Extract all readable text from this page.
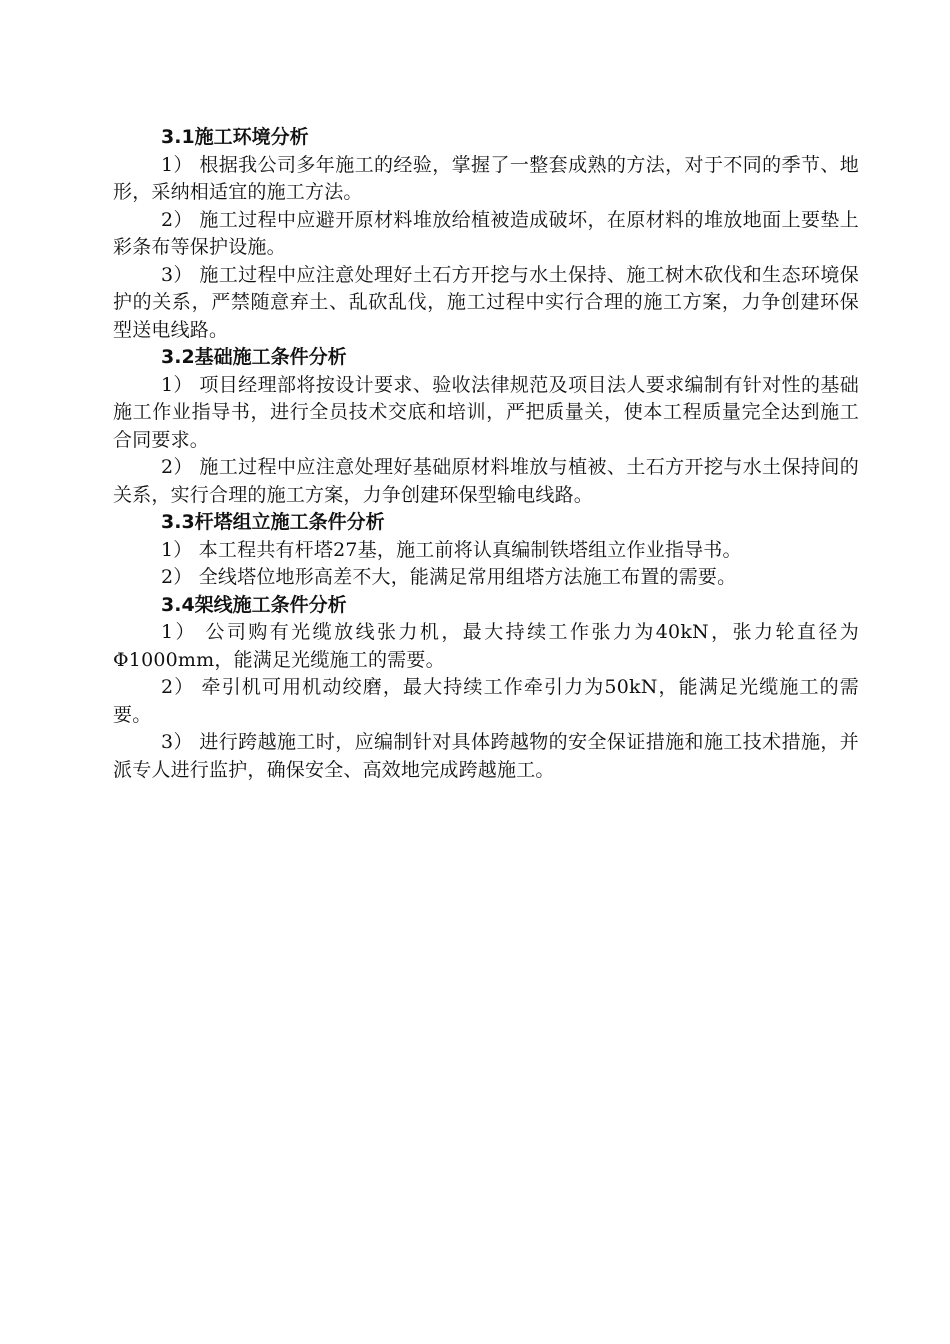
3.1施工环境分析

1） 根据我公司多年施工的经验，掌握了一整套成熟的方法，对于不同的季节、地形，采纳相适宜的施工方法。

2） 施工过程中应避开原材料堆放给植被造成破坏，在原材料的堆放地面上要垫上彩条布等保护设施。

3） 施工过程中应注意处理好土石方开挖与水土保持、施工树木砍伐和生态环境保护的关系，严禁随意弃土、乱砍乱伐，施工过程中实行合理的施工方案，力争创建环保型送电线路。

3.2基础施工条件分析

1） 项目经理部将按设计要求、验收法律规范及项目法人要求编制有针对性的基础施工作业指导书，进行全员技术交底和培训，严把质量关，使本工程质量完全达到施工合同要求。

2） 施工过程中应注意处理好基础原材料堆放与植被、土石方开挖与水土保持间的关系，实行合理的施工方案，力争创建环保型输电线路。

3.3杆塔组立施工条件分析

1） 本工程共有杆塔27基，施工前将认真编制铁塔组立作业指导书。

2） 全线塔位地形高差不大，能满足常用组塔方法施工布置的需要。

3.4架线施工条件分析

1） 公司购有光缆放线张力机，最大持续工作张力为40kN，张力轮直径为Φ1000mm，能满足光缆施工的需要。

2） 牵引机可用机动绞磨，最大持续工作牵引力为50kN，能满足光缆施工的需要。

3） 进行跨越施工时，应编制针对具体跨越物的安全保证措施和施工技术措施，并派专人进行监护，确保安全、高效地完成跨越施工。
